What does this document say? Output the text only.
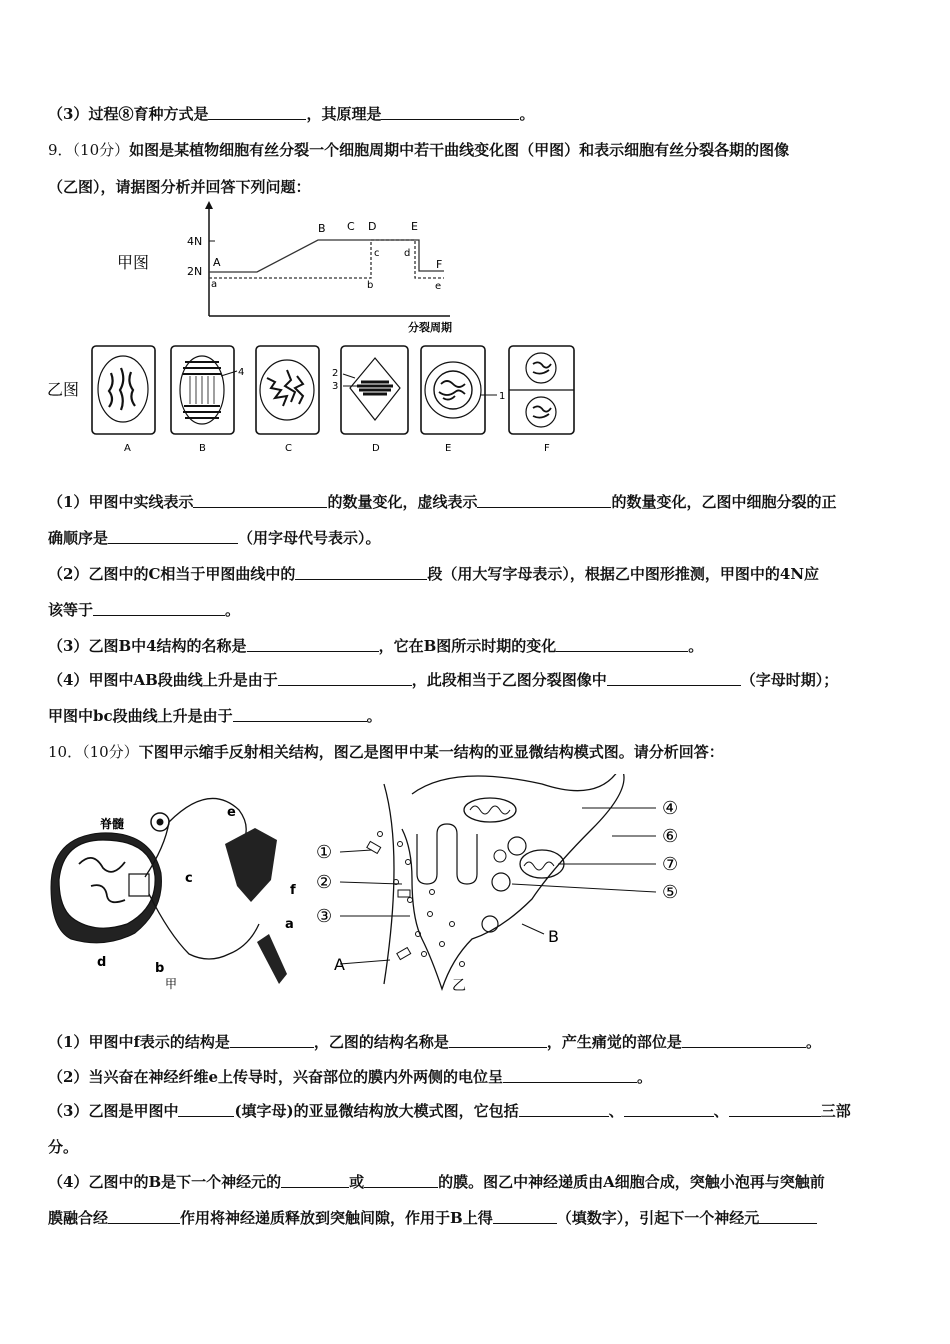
（3）过程⑧育种方式是	，其原理是	。
9．（10分）如图是某植物细胞有丝分裂一个细胞周期中若干曲线变化图（甲图）和表示细胞有丝分裂各期的图像
（乙图），请据图分析并回答下列问题：
甲图
4N
2N
A
B C D	E
F
a	b
c d
e
分裂周期
乙图
4	2
3
1
A	B	C	D	E	F
（1）甲图中实线表示	的数量变化，虚线表示	的数量变化，乙图中细胞分裂的正
确顺序是	（用字母代号表示）。
（2）乙图中的C相当于甲图曲线中的	段（用大写字母表示），根据乙中图形推测，甲图中的4N应
该等于	。
（3）乙图B中4结构的名称是	，它在B图所示时期的变化	。
（4）甲图中AB段曲线上升是由于	，此段相当于乙图分裂图像中	（字母时期）；
甲图中bc段曲线上升是由于	。
10．（10分）下图甲示缩手反射相关结构，图乙是图甲中某一结构的亚显微结构模式图。请分析回答：
脊髓
e
c
f
a
d	b
甲
①
②
③
A
④
⑥
⑦
⑤
B
乙
（1）甲图中f表示的结构是	，乙图的结构名称是	，产生痛觉的部位是	。
（2）当兴奋在神经纤维e上传导时，兴奋部位的膜内外两侧的电位呈	。
（3）乙图是甲图中	(填字母)的亚显微结构放大模式图，它包括	、	、	三部
分。
（4）乙图中的B是下一个神经元的	或	的膜。图乙中神经递质由A细胞合成，突触小泡再与突触前
膜融合经	作用将神经递质释放到突触间隙，作用于B上得	（填数字），引起下一个神经元
